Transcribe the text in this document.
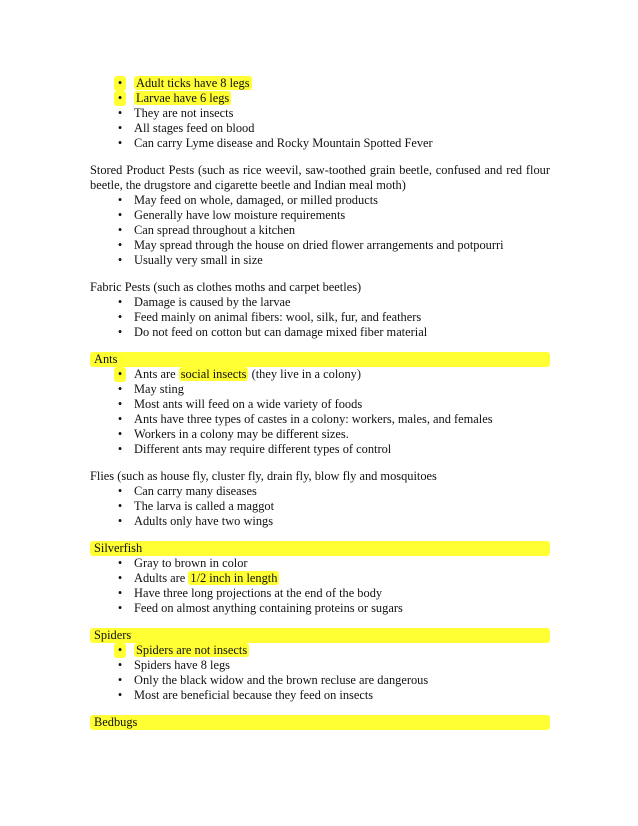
•	Adult ticks have 8 legs
•	Larvae have 6 legs
• They are not insects
• All stages feed on blood
• Can carry Lyme disease and Rocky Mountain Spotted Fever
Stored Product Pests (such as rice weevil, saw-toothed grain beetle, confused and red flour beetle, the drugstore and cigarette beetle and Indian meal moth)
• May feed on whole, damaged, or milled products
• Generally have low moisture requirements
• Can spread throughout a kitchen
• May spread through the house on dried flower arrangements and potpourri
• Usually very small in size
Fabric Pests (such as clothes moths and carpet beetles)
• Damage is caused by the larvae
• Feed mainly on animal fibers: wool, silk, fur, and feathers
• Do not feed on cotton but can damage mixed fiber material
Ants
• Ants are social insects (they live in a colony)
• May sting
• Most ants will feed on a wide variety of foods
• Ants have three types of castes in a colony: workers, males, and females
• Workers in a colony may be different sizes.
• Different ants may require different types of control
Flies (such as house fly, cluster fly, drain fly, blow fly and mosquitoes
• Can carry many diseases
• The larva is called a maggot
• Adults only have two wings
Silverfish
• Gray to brown in color
• Adults are 1/2 inch in length
• Have three long projections at the end of the body
• Feed on almost anything containing proteins or sugars
Spiders
•	Spiders are not insects
• Spiders have 8 legs
• Only the black widow and the brown recluse are dangerous
• Most are beneficial because they feed on insects
Bedbugs
